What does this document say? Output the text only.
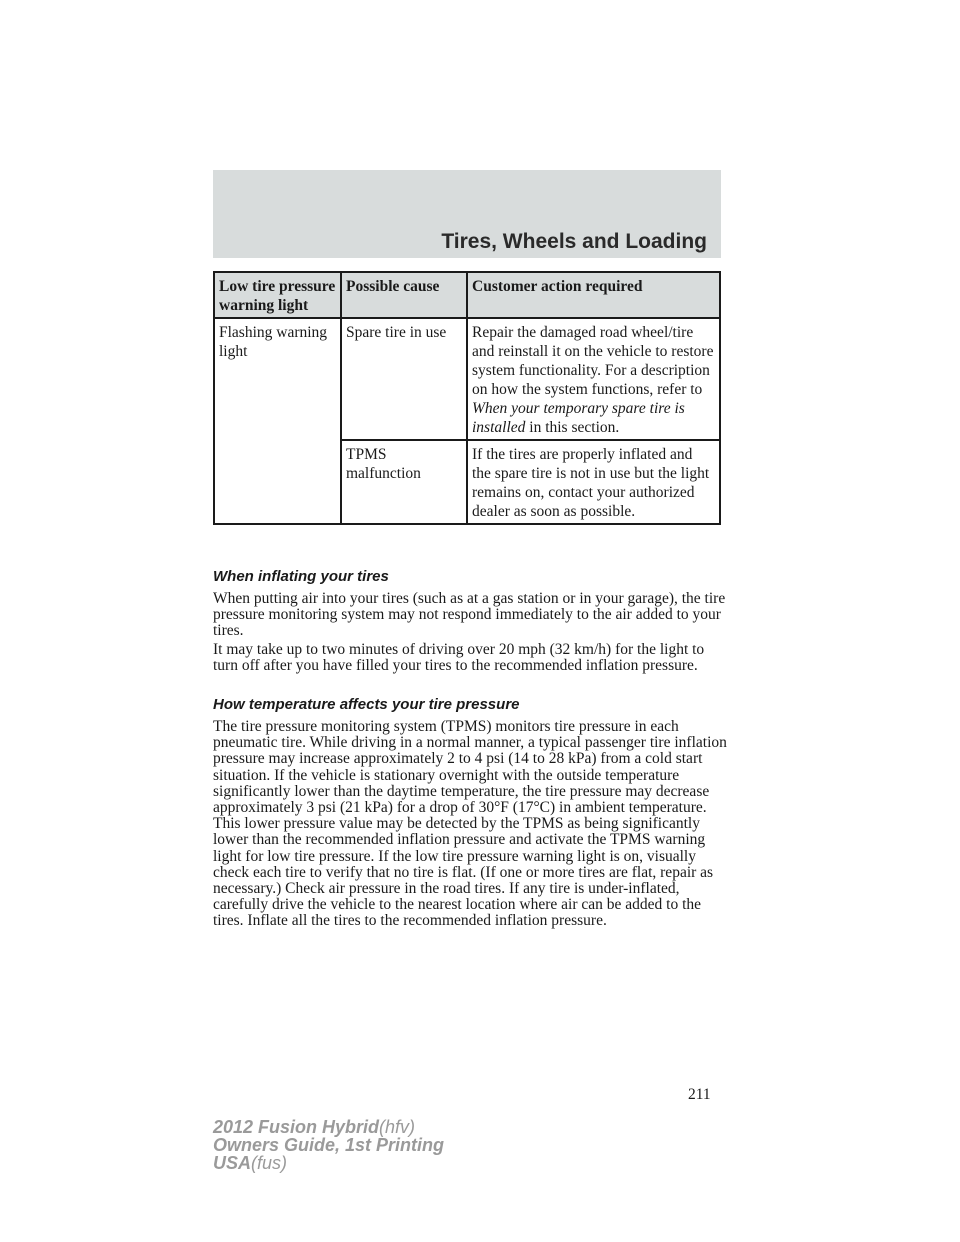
Tires, Wheels and Loading
Low tire pressure warning light	Possible cause	Customer action required
Flashing warning light	Spare tire in use	Repair the damaged road wheel/tire and reinstall it on the vehicle to restore system functionality. For a description on how the system functions, refer to When your temporary spare tire is installed in this section.
	TPMS malfunction	If the tires are properly inflated and the spare tire is not in use but the light remains on, contact your authorized dealer as soon as possible.
When inflating your tires

When putting air into your tires (such as at a gas station or in your garage), the tire pressure monitoring system may not respond immediately to the air added to your tires.

It may take up to two minutes of driving over 20 mph (32 km/h) for the light to turn off after you have filled your tires to the recommended inflation pressure.

How temperature affects your tire pressure

The tire pressure monitoring system (TPMS) monitors tire pressure in each pneumatic tire. While driving in a normal manner, a typical passenger tire inflation pressure may increase approximately 2 to 4 psi (14 to 28 kPa) from a cold start situation. If the vehicle is stationary overnight with the outside temperature significantly lower than the daytime temperature, the tire pressure may decrease approximately 3 psi (21 kPa) for a drop of 30°F (17°C) in ambient temperature. This lower pressure value may be detected by the TPMS as being significantly lower than the recommended inflation pressure and activate the TPMS warning light for low tire pressure. If the low tire pressure warning light is on, visually check each tire to verify that no tire is flat. (If one or more tires are flat, repair as necessary.) Check air pressure in the road tires. If any tire is under-inflated, carefully drive the vehicle to the nearest location where air can be added to the tires. Inflate all the tires to the recommended inflation pressure.

211
2012 Fusion Hybrid(hfv)
Owners Guide, 1st Printing
USA(fus)
carmanualsonline.info
